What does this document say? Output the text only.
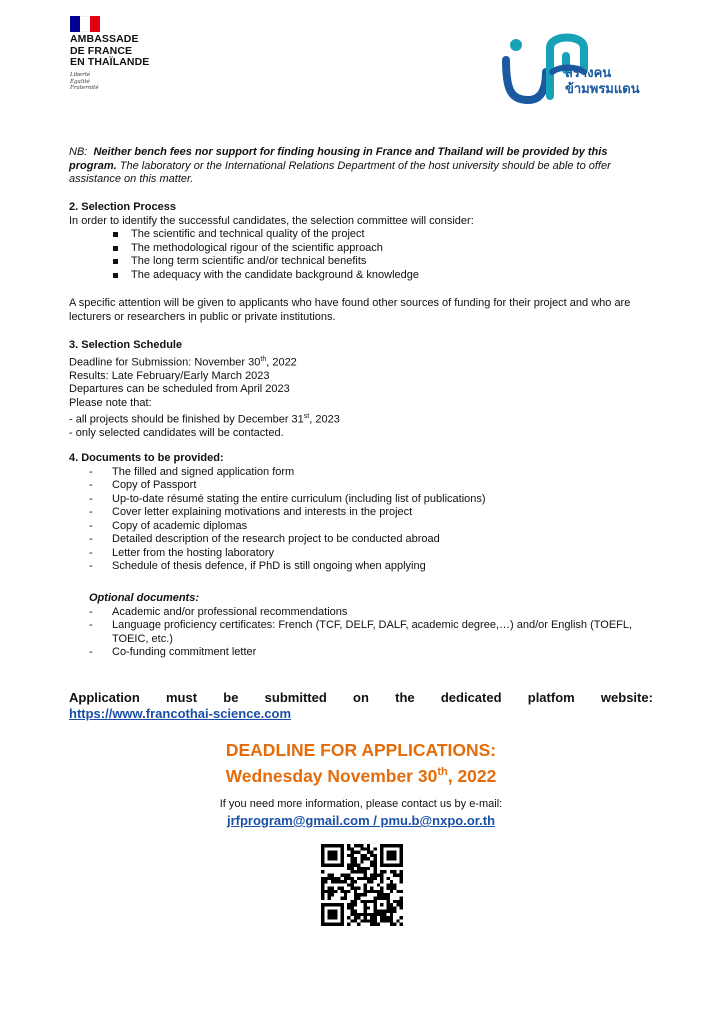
AMBASSADE
DE FRANCE
EN THAÏLANDE
Liberté
Égalité
Fraternité
สร้างคน
ข้ามพรมแดน
NB: Neither bench fees nor support for finding housing in France and Thailand will be provided by this program. The laboratory or the International Relations Department of the host university should be able to offer assistance on this matter.
2. Selection Process
In order to identify the successful candidates, the selection committee will consider:
The scientific and technical quality of the project
The methodological rigour of the scientific approach
The long term scientific and/or technical benefits
The adequacy with the candidate background & knowledge
A specific attention will be given to applicants who have found other sources of funding for their project and who are lecturers or researchers in public or private institutions.
3. Selection Schedule
Deadline for Submission: November 30th, 2022
Results: Late February/Early March 2023
Departures can be scheduled from April 2023
Please note that:
- all projects should be finished by December 31st, 2023
- only selected candidates will be contacted.
4. Documents to be provided:
- The filled and signed application form
- Copy of Passport
- Up-to-date résumé stating the entire curriculum (including list of publications)
- Cover letter explaining motivations and interests in the project
- Copy of academic diplomas
- Detailed description of the research project to be conducted abroad
- Letter from the hosting laboratory
- Schedule of thesis defence, if PhD is still ongoing when applying
Optional documents:
- Academic and/or professional recommendations
- Language proficiency certificates: French (TCF, DELF, DALF, academic degree,…) and/or English (TOEFL, TOEIC, etc.)
- Co-funding commitment letter
Application must be submitted on the dedicated platfom website:
https://www.francothai-science.com
DEADLINE FOR APPLICATIONS:
Wednesday November 30th, 2022
If you need more information, please contact us by e-mail:
jrfprogram@gmail.com / pmu.b@nxpo.or.th
